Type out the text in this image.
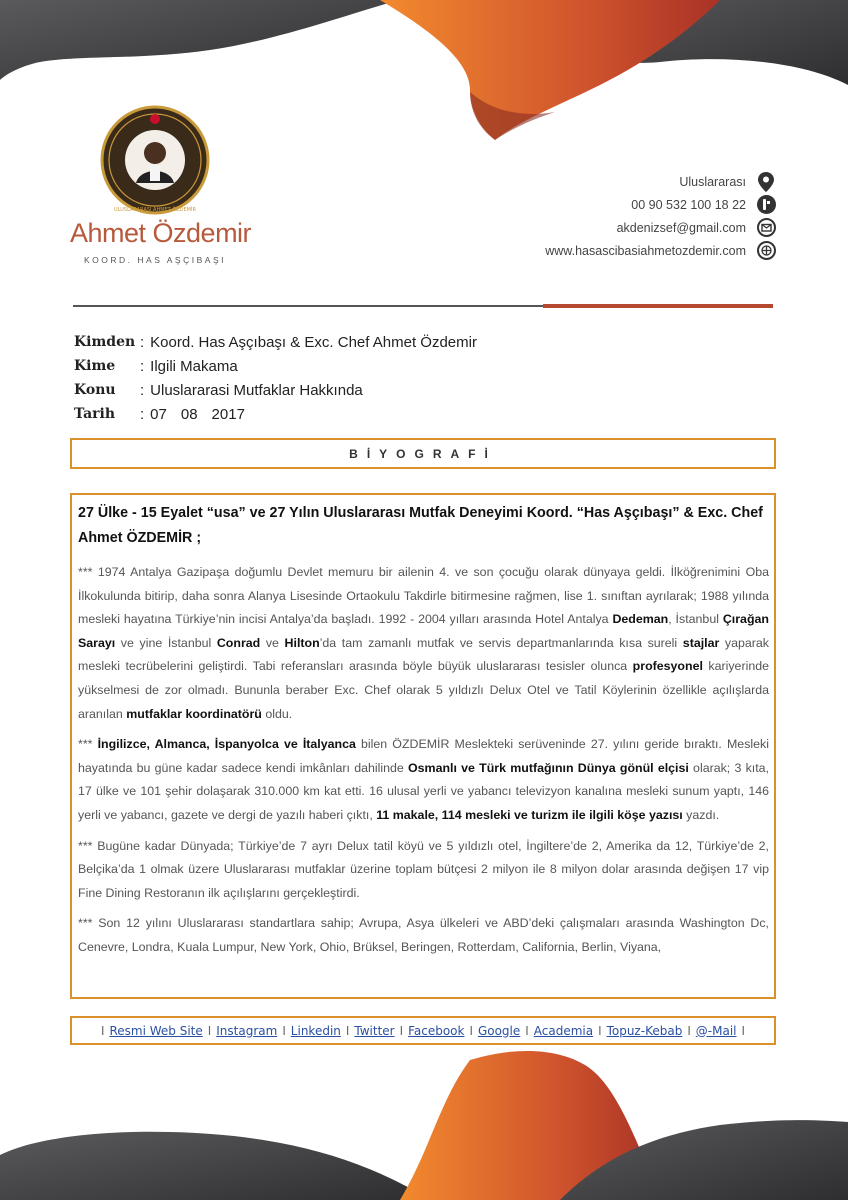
ULUSLARARASI AHMET ÖZDEMİR
Ahmet Özdemir
KOORD. HAS AŞÇIBAŞI
Uluslararası
00 90 532 100 18 22
akdenizsef@gmail.com
www.hasascibasiahmetozdemir.com
Kimden : Koord. Has Aşçıbaşı & Exc. Chef Ahmet Özdemir
Kime	: Ilgili Makama
Konu	: Uluslararasi Mutfaklar Hakkında
Tarih	: 07 08 2017
BİYOGRAFİ
27 Ülke - 15 Eyalet “usa” ve 27 Yılın Uluslararası Mutfak Deneyimi Koord. “Has Aşçıbaşı” & Exc. Chef Ahmet ÖZDEMİR ;

*** 1974 Antalya Gazipaşa doğumlu Devlet memuru bir ailenin 4. ve son çocuğu olarak dünyaya geldi. İlköğrenimini Oba İlkokulunda bitirip, daha sonra Alanya Lisesinde Ortaokulu Takdirle bitirmesine rağmen, lise 1. sınıftan ayrılarak; 1988 yılında mesleki hayatına Türkiye’nin incisi Antalya’da başladı. 1992 - 2004 yılları arasında Hotel Antalya Dedeman, İstanbul Çırağan Sarayı ve yine İstanbul Conrad ve Hilton’da tam zamanlı mutfak ve servis departmanlarında kısa sureli stajlar yaparak mesleki tecrübelerini geliştirdi. Tabi referansları arasında böyle büyük uluslararası tesisler olunca profesyonel kariyerinde yükselmesi de zor olmadı. Bununla beraber Exc. Chef olarak 5 yıldızlı Delux Otel ve Tatil Köylerinin özellikle açılışlarda aranılan mutfaklar koordinatörü oldu.

*** İngilizce, Almanca, İspanyolca ve İtalyanca bilen ÖZDEMİR Meslekteki serüveninde 27. yılını geride bıraktı. Mesleki hayatında bu güne kadar sadece kendi imkânları dahilinde Osmanlı ve Türk mutfağının Dünya gönül elçisi olarak; 3 kıta, 17 ülke ve 101 şehir dolaşarak 310.000 km kat etti. 16 ulusal yerli ve yabancı televizyon kanalına mesleki sunum yaptı, 146 yerli ve yabancı, gazete ve dergi de yazılı haberi çıktı, 11 makale, 114 mesleki ve turizm ile ilgili köşe yazısı yazdı.

*** Bugüne kadar Dünyada; Türkiye’de 7 ayrı Delux tatil köyü ve 5 yıldızlı otel, İngiltere’de 2, Amerika da 12, Türkiye’de 2, Belçika’da 1 olmak üzere Uluslararası mutfaklar üzerine toplam bütçesi 2 milyon ile 8 milyon dolar arasında değişen 17 vip Fine Dining Restoranın ilk açılışlarını gerçekleştirdi.

*** Son 12 yılını Uluslararası standartlara sahip; Avrupa, Asya ülkeleri ve ABD’deki çalışmaları arasında Washington Dc, Cenevre, Londra, Kuala Lumpur, New York, Ohio, Brüksel, Beringen, Rotterdam, California, Berlin, Viyana,

I Resmi Web Site I Instagram I Linkedin I Twitter I Facebook I Google I Academia I Topuz-Kebab I @-Mail I
